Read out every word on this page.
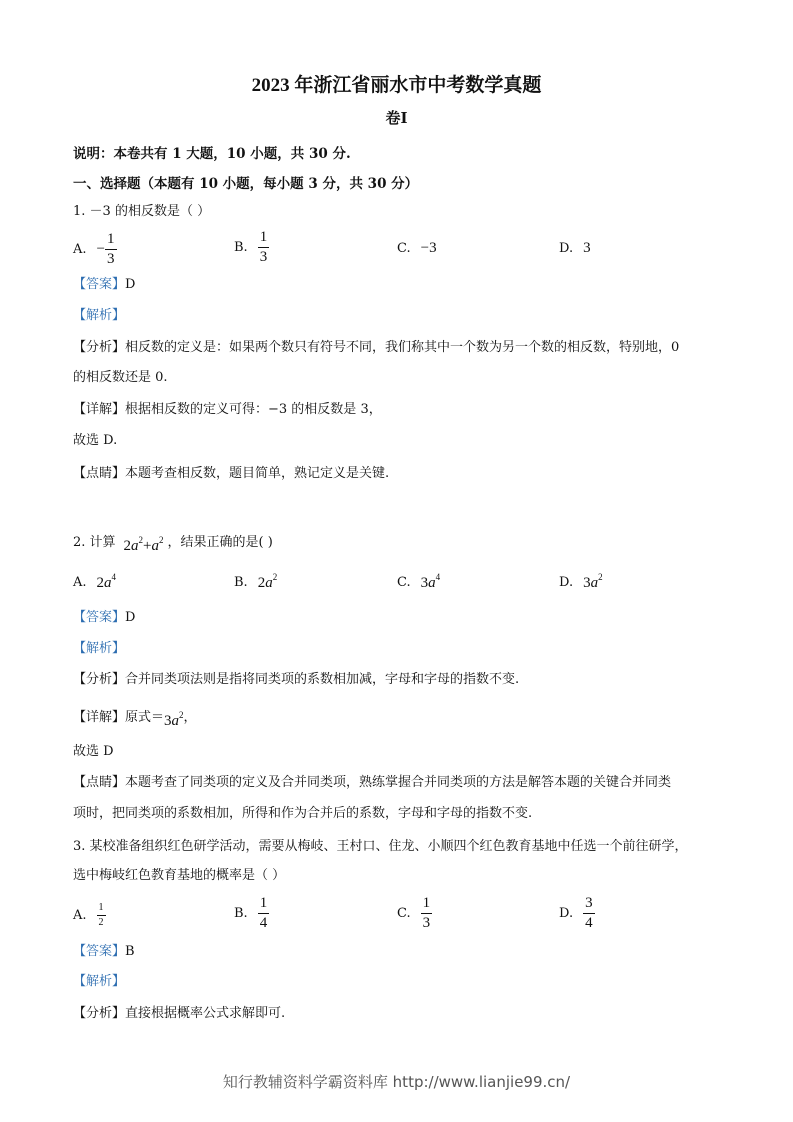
2023 年浙江省丽水市中考数学真题
卷Ⅰ
说明：本卷共有 1 大题，10 小题，共 30 分.
一、选择题（本题有 10 小题，每小题 3 分，共 30 分）
1. －3 的相反数是（ ）
A. − $\frac{1}{3}$	B. $\frac{1}{3}$	C. −3	D. 3
【答案】D
【解析】
【分析】相反数的定义是：如果两个数只有符号不同，我们称其中一个数为另一个数的相反数，特别地，0
的相反数还是 0.
【详解】根据相反数的定义可得：−3 的相反数是 3，
故选 D.
【点睛】本题考查相反数，题目简单，熟记定义是关键.
2. 计算 $2a^2+a^2$ ，结果正确的是( )
A. $2a^4$	B. $2a^2$	C. $3a^4$	D. $3a^2$
【答案】D
【解析】
【分析】合并同类项法则是指将同类项的系数相加减，字母和字母的指数不变.
【详解】 原式＝ $3a^2$ ，
故选 D
【点睛】本题考查了同类项的定义及合并同类项，熟练掌握合并同类项的方法是解答本题的关键合并同类
项时，把同类项的系数相加，所得和作为合并后的系数，字母和字母的指数不变.
3. 某校准备组织红色研学活动，需要从梅岐、王村口、住龙、小顺四个红色教育基地中任选一个前往研学，
选中梅岐红色教育基地的概率是（ ）
A. $\frac{1}{2}$	B. $\frac{1}{4}$	C. $\frac{1}{3}$	D. $\frac{3}{4}$
【答案】B
【解析】
【分析】直接根据概率公式求解即可.
知行教辅资料学霸资料库 http://www.lianjie99.cn/
